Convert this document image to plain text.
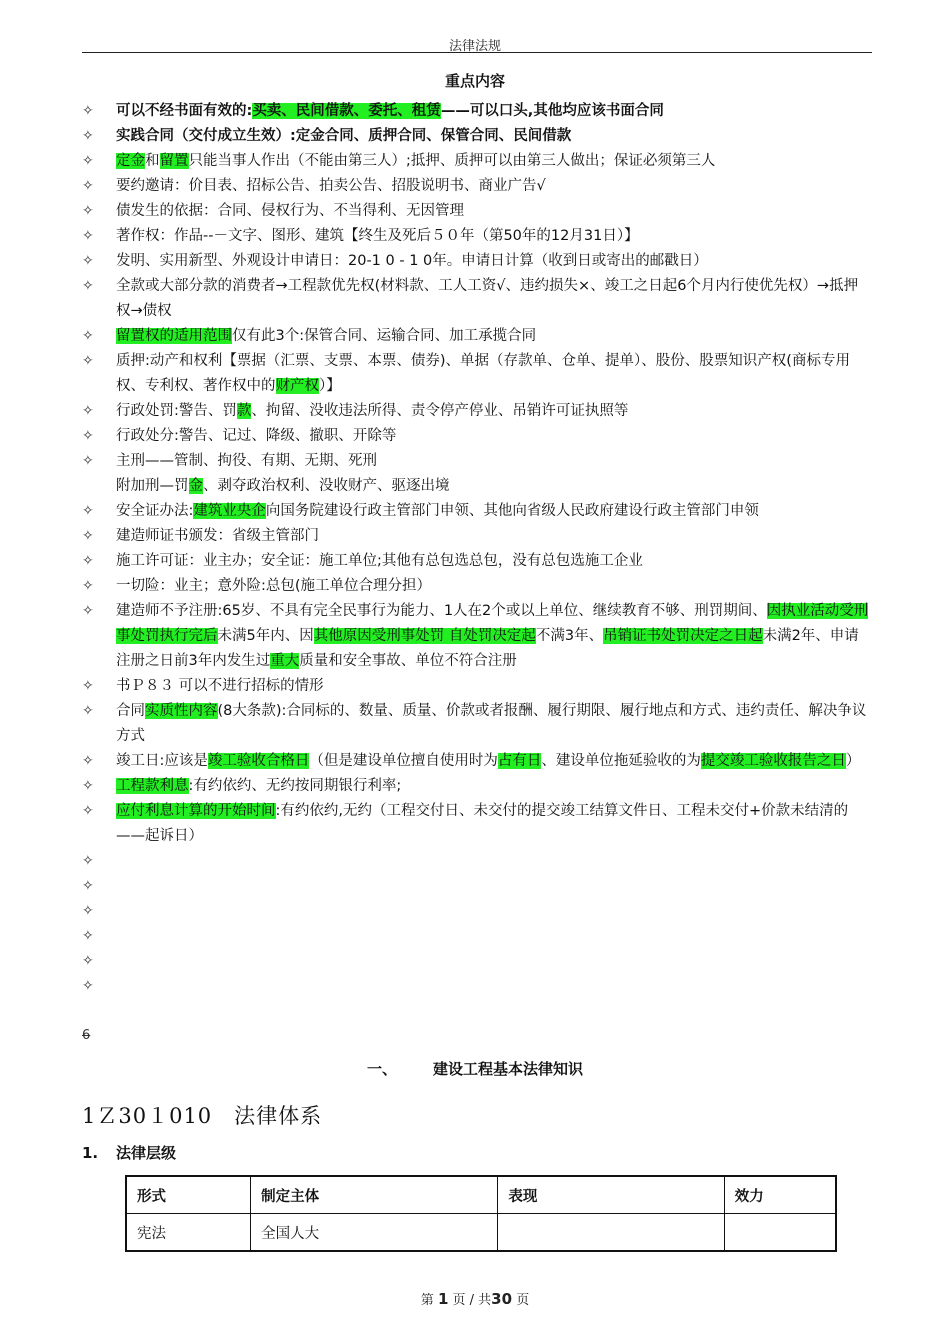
法律法规
重点内容
✧	可以不经书面有效的:买卖、民间借款、委托、租赁——可以口头,其他均应该书面合同
✧	实践合同（交付成立生效）:定金合同、质押合同、保管合同、民间借款
✧	定金和留置只能当事人作出（不能由第三人）;抵押、质押可以由第三人做出；保证必须第三人
✧	要约邀请：价目表、招标公告、拍卖公告、招股说明书、商业广告√
✧	债发生的依据：合同、侵权行为、不当得利、无因管理
✧	著作权：作品--－文字、图形、建筑【终生及死后５０年（第50年的12月31日）】
✧	发明、实用新型、外观设计申请日：20-1 0 - 1 0年。申请日计算（收到日或寄出的邮戳日）
✧	全款或大部分款的消费者→工程款优先权(材料款、工人工资√、违约损失×、竣工之日起6个月内行使优先权）→抵押权→债权
✧	留置权的适用范围仅有此3个:保管合同、运输合同、加工承揽合同
✧	质押:动产和权利【票据（汇票、支票、本票、债券)、单据（存款单、仓单、提单）、股份、股票知识产权(商标专用权、专利权、著作权中的财产权）】
✧	行政处罚:警告、罚款、拘留、没收违法所得、责令停产停业、吊销许可证执照等
✧	行政处分:警告、记过、降级、撤职、开除等
✧	主刑——管制、拘役、有期、无期、死刑
附加刑—罚金、剥夺政治权利、没收财产、驱逐出境
✧	安全证办法:建筑业央企向国务院建设行政主管部门申领、其他向省级人民政府建设行政主管部门申领
✧	建造师证书颁发：省级主管部门
✧	施工许可证：业主办；安全证：施工单位;其他有总包选总包，没有总包选施工企业
✧	一切险：业主；意外险:总包(施工单位合理分担）
✧	建造师不予注册:65岁、不具有完全民事行为能力、1人在2个或以上单位、继续教育不够、刑罚期间、因执业活动受刑事处罚执行完后未满5年内、因其他原因受刑事处罚 自处罚决定起不满3年、吊销证书处罚决定之日起未满2年、申请注册之日前3年内发生过重大质量和安全事故、单位不符合注册
✧	书Ｐ８３ 可以不进行招标的情形
✧	合同实质性内容(8大条款):合同标的、数量、质量、价款或者报酬、履行期限、履行地点和方式、违约责任、解决争议方式
✧	竣工日:应该是竣工验收合格日（但是建设单位擅自使用时为占有日、建设单位拖延验收的为提交竣工验收报告之日）
✧	工程款利息:有约依约、无约按同期银行利率;
✧	应付利息计算的开始时间:有约依约,无约（工程交付日、未交付的提交竣工结算文件日、工程未交付+价款未结清的——起诉日）
✧
✧
✧
✧
✧
✧
6
一、 建设工程基本法律知识
1Ｚ30１010　法律体系
1. 法律层级
形式	制定主体	表现	效力
宪法	全国人大		
第 1 页 / 共30 页
